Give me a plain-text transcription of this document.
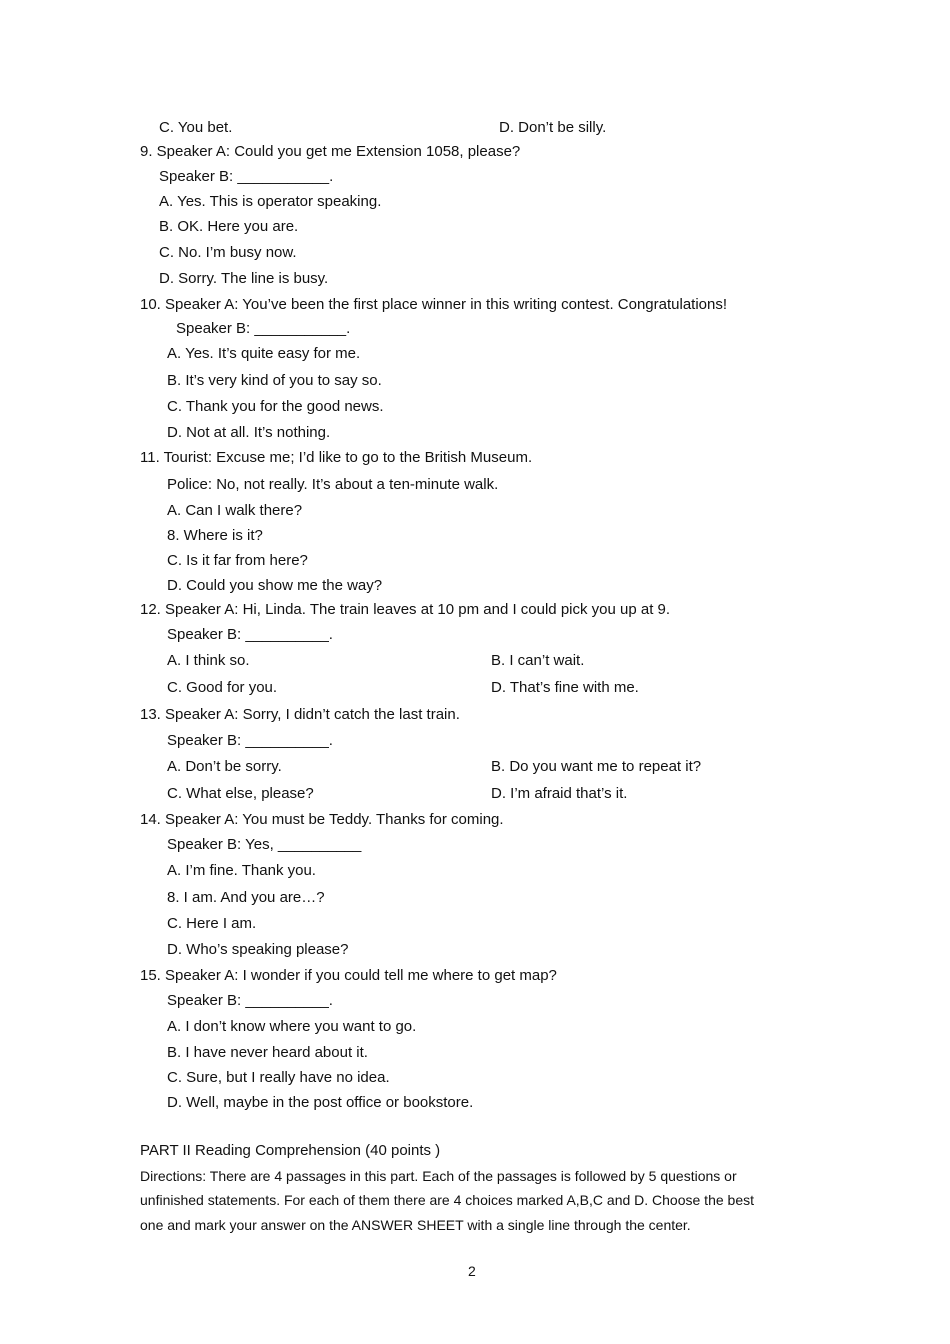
C. You bet.	D. Don’t be silly.
9. Speaker A: Could you get me Extension 1058, please?
Speaker B: ___________.
A. Yes. This is operator speaking.
B. OK. Here you are.
C. No. I’m busy now.
D. Sorry. The line is busy.
10. Speaker A: You’ve been the first place winner in this writing contest. Congratulations!
Speaker B: ___________.
A. Yes. It’s quite easy for me.
B. It’s very kind of you to say so.
C. Thank you for the good news.
D. Not at all. It’s nothing.
11. Tourist: Excuse me; I’d like to go to the British Museum.
Police: No, not really. It’s about a ten-minute walk.
A. Can I walk there?
8. Where is it?
C. Is it far from here?
D. Could you show me the way?
12. Speaker A: Hi, Linda. The train leaves at 10 pm and I could pick you up at 9.
Speaker B: __________.
A. I think so.	B. I can’t wait.
C. Good for you.	D. That’s fine with me.
13. Speaker A: Sorry, I didn’t catch the last train.
Speaker B: __________.
A. Don’t be sorry.	B. Do you want me to repeat it?
C. What else, please?	D. I’m afraid that’s it.
14. Speaker A: You must be Teddy. Thanks for coming.
Speaker B: Yes, __________
A. I’m fine. Thank you.
8. I am. And you are…?
C. Here I am.
D. Who’s speaking please?
15. Speaker A: I wonder if you could tell me where to get map?
Speaker B: __________.
A. I don’t know where you want to go.
B. I have never heard about it.
C. Sure, but I really have no idea.
D. Well, maybe in the post office or bookstore.
PART II Reading Comprehension (40 points )
Directions: There are 4 passages in this part. Each of the passages is followed by 5 questions or
unfinished statements. For each of them there are 4 choices marked A,B,C and D. Choose the best
one and mark your answer on the ANSWER SHEET with a single line through the center.
2
